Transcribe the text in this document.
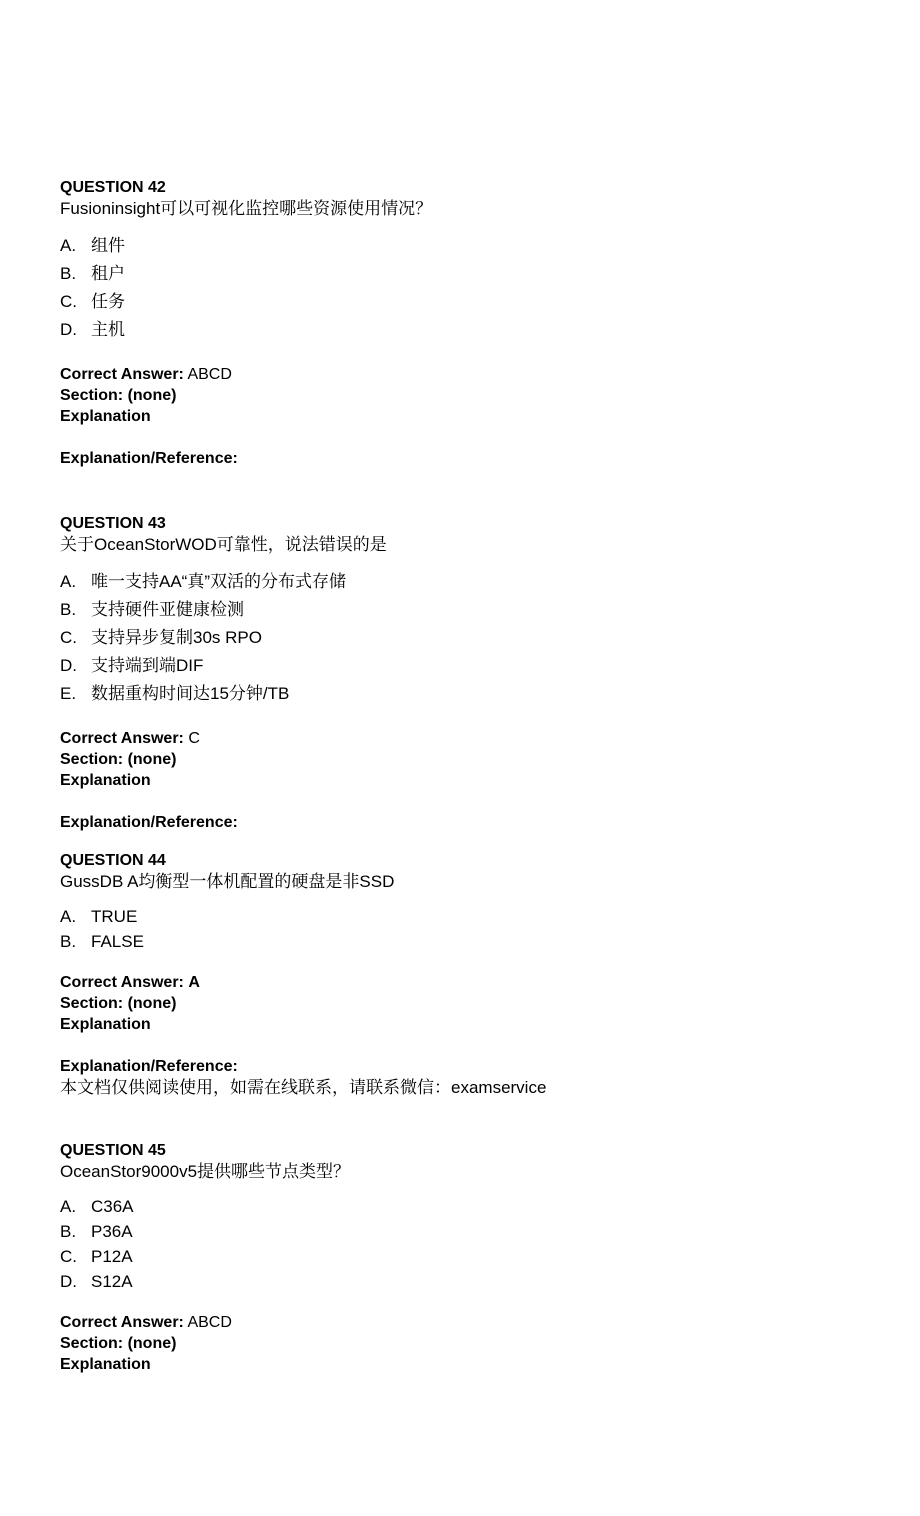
QUESTION 42

Fusioninsight可以可视化监控哪些资源使用情况？

A. 组件
B. 租户
C. 任务
D. 主机

Correct Answer: ABCD

Section: (none)

Explanation

Explanation/Reference:

QUESTION 43

关于OceanStorWOD可靠性，说法错误的是

A. 唯一支持AA“真”双活的分布式存储
B. 支持硬件亚健康检测
C. 支持异步复制30s RPO
D. 支持端到端DIF
E. 数据重构时间达15分钟/TB

Correct Answer: C

Section: (none)

Explanation

Explanation/Reference:

QUESTION 44

GussDB A均衡型一体机配置的硬盘是非SSD

A. TRUE
B. FALSE

Correct Answer: A

Section: (none)

Explanation

Explanation/Reference:

本文档仅供阅读使用，如需在线联系，请联系微信：examservice

QUESTION 45

OceanStor9000v5提供哪些节点类型？

A. C36A
B. P36A
C. P12A
D. S12A

Correct Answer: ABCD

Section: (none)

Explanation
